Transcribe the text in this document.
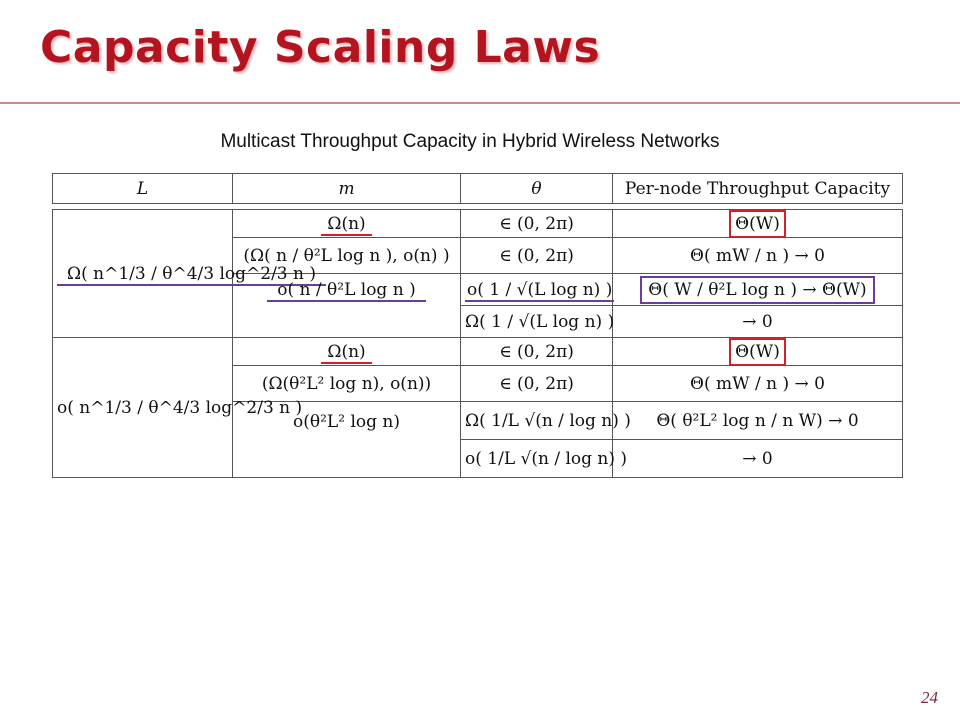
Capacity Scaling Laws
Multicast Throughput Capacity in Hybrid Wireless Networks
L	m	θ	Per-node Throughput Capacity
Ω( n^1/3 / θ^4/3 log^2/3 n )	Ω(n)	∈ (0, 2π)	Θ(W)
	(Ω( n / θ²L log n ), o(n) )	∈ (0, 2π)	Θ( mW / n ) → 0
	o( n / θ²L log n )	o( 1 / √(L log n) )	Θ( W / θ²L log n ) → Θ(W)
		Ω( 1 / √(L log n) )	→ 0
o( n^1/3 / θ^4/3 log^2/3 n )	Ω(n)	∈ (0, 2π)	Θ(W)
	(Ω(θ²L² log n), o(n))	∈ (0, 2π)	Θ( mW / n ) → 0
	o(θ²L² log n)	Ω( 1/L √(n / log n) )	Θ( θ²L² log n / n W) → 0
		o( 1/L √(n / log n) )	→ 0
24
